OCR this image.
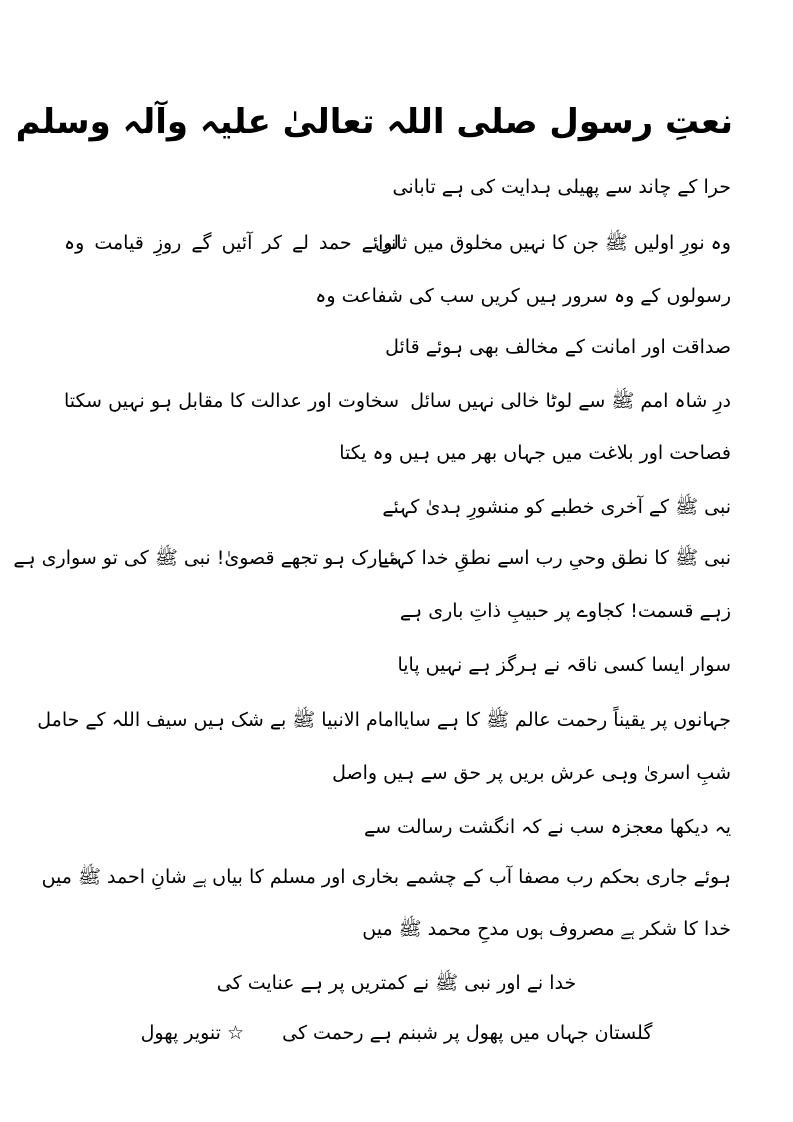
نعتِ رسول صلی اللہ تعالیٰ علیہ وآلہ وسلم
حرا کے چاند سے پھیلی ہدایت کی ہے تابانی
وہ نورِ اولیں ﷺ جن کا نہیں مخلوق میں ثانی
لوائے حمد لے کر آئیں گے روزِ قیامت وہ
رسولوں کے وہ سرور ہیں کریں سب کی شفاعت وہ
صداقت اور امانت کے مخالف بھی ہوئے قائل
درِ شاہ امم ﷺ سے لوٹا خالی نہیں سائل
سخاوت اور عدالت کا مقابل ہو نہیں سکتا
فصاحت اور بلاغت میں جہاں بھر میں ہیں وہ یکتا
نبی ﷺ کے آخری خطبے کو منشورِ ہدیٰ کہئے
نبی ﷺ کا نطق وحیِ رب اسے نطقِ خدا کہئے
مبارک ہو تجھے قصویٰ! نبی ﷺ کی تو سواری ہے
زہے قسمت! کجاوے پر حبیبِ ذاتِ باری ہے
سوار ایسا کسی ناقہ نے ہرگز ہے نہیں پایا
جہانوں پر یقیناً رحمت عالم ﷺ کا ہے سایا
امام الانبیا ﷺ بے شک ہیں سیف اللہ کے حامل
شبِ اسریٰ وہی عرش بریں پر حق سے ہیں واصل
یہ دیکھا معجزہ سب نے کہ انگشت رسالت سے
ہوئے جاری بحکم رب مصفا آب کے چشمے
بخاری اور مسلم کا بیاں ہے شانِ احمد ﷺ میں
خدا کا شکر ہے مصروف ہوں مدحِ محمد ﷺ میں
خدا نے اور نبی ﷺ نے کمتریں پر ہے عنایت کی
گلستان جہاں میں پھول پر شبنم ہے رحمت کی  ☆ تنویر پھول
